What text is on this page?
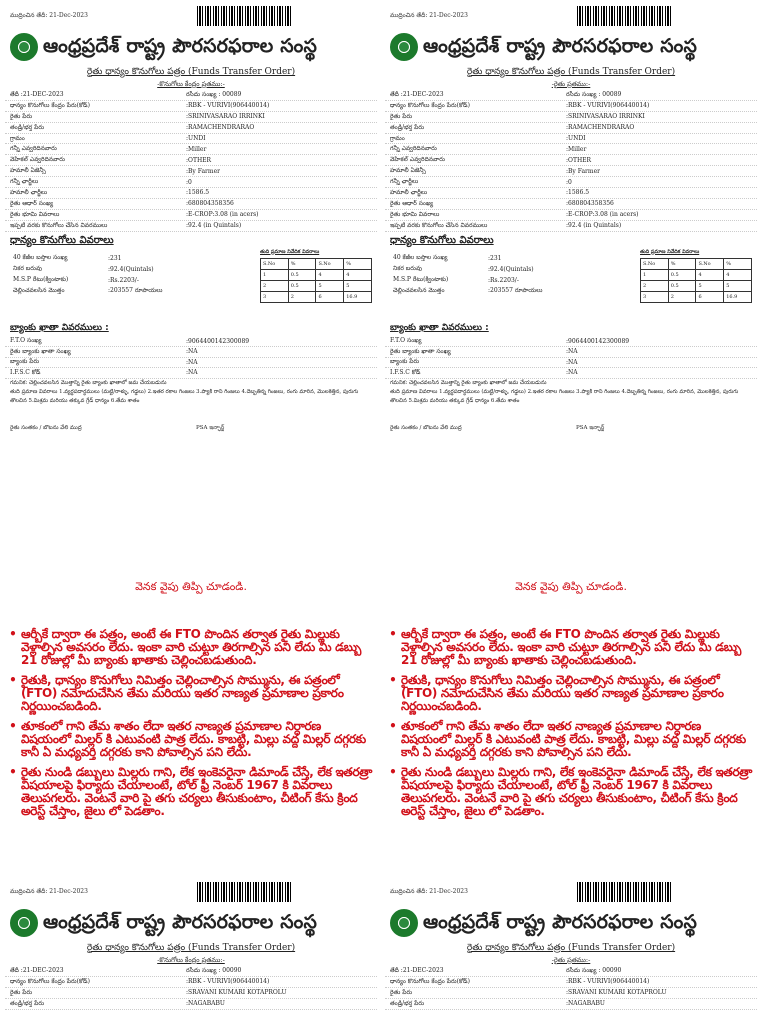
ముద్రించిన తేదీ: 21-Dec-2023
ఆంధ్రప్రదేశ్ రాష్ట్ర పౌరసరఫరాల సంస్థ
రైతు ధాన్యం కొనుగోలు పత్రం (Funds Transfer Order)
-కొనుగోలు కేంద్రం ప్రతము:-
తేదీ :21-DEC-2023	రసీదు సంఖ్య : 00089
ధాన్యం కొనుగోలు కేంద్రం పేరు(కోడ్)	:RBK - VURIVI(906440014)
రైతు పేరు	:SRINIVASARAO IRRINKI
తండ్రి/భర్త పేరు	:RAMACHENDRARAO
గ్రామం	:UNDI
గన్నీ ఎవ్వరిదినవారు	:Miller
వెహికల్ ఎవ్వరిదినవారు	:OTHER
హమాలీ ఏజెన్సీ	:By Farmer
గన్నీ ఛార్జీలు	:0
హమాలీ ఛార్జీలు	:1586.5
రైతు ఆధార్ సంఖ్య	:680804358356
రైతు భూమి వివరాలు	:E-CROP:3.08 (in acers)
ఇప్పటి వరకు కొనుగోలు చేసిన వివరములు	:92.4 (in Quintals)
ధాన్యం కొనుగోలు వివరాలు
40 కేజీల బస్తాల సంఖ్య	:231
నికర బరువు	:92.4(Quintals)
M.S.P రేటు(క్వింటాకు)	:Rs.2203/-
చెల్లించవలసిన మొత్తం	:203557 రూపాయలు
తుది ప్రమాణ నివేదిక వివరాలు
S.No	%	S.No	%
1	0.5	4	4
2	0.5	5	5
3	2	6	16.9
బ్యాంకు ఖాతా వివరములు :
F.T.O సంఖ్య	:9064400142300089
రైతు బ్యాంకు ఖాతా సంఖ్య	:NA
బ్యాంకు పేరు	:NA
I.F.S.C కోడ్	:NA
గమనిక: చెల్లించవలసిన మొత్తాన్ని రైతు బ్యాంకు ఖాతాలో జమ చేయబడును
తుది ప్రమాణ వివరాలు 1.వ్యర్థపదార్ధములు (మట్టి/రాళ్ళు, గడ్డలు) 2.ఇతర రకాల గింజలు 3.ప్యాకి రాని గింజలు 4.దెబ్బతిన్న గింజలు, రంగు మారిన, మొలకెత్తిన, పురుగు తొలచిన 5.మిశ్రమ మరియు తక్కువ గ్రేడ్ ధాన్యం 6.తేమ శాతం
రైతు సంతకం / బొటను వేలి ముద్ర	PSA ఇన్ఛార్జ్
వెనక వైపు తిప్పి చూడండి.
• ఆర్బీకే ద్వారా ఈ పత్రం, అంటే ఈ FTO పొందిన తర్వాత రైతు మిల్లుకు వెళ్లాల్సిన అవసరం లేదు. ఇంకా వారి చుట్టూ తిరగాల్సిన పని లేదు మీ డబ్బు 21 రోజుల్లో మీ బ్యాంకు ఖాతాకు చెల్లించబడుతుంది.
• రైతుకి, ధాన్యం కొనుగోలు నిమిత్తం చెల్లించాల్సిన సొమ్మును, ఈ పత్రంలో (FTO) నమోదుచేసిన తేమ మరియు ఇతర నాణ్యత ప్రమాణాల ప్రకారం నిర్ణయించబడింది.
• తూకంలో గాని తేమ శాతం లేదా ఇతర నాణ్యత ప్రమాణాల నిర్ధారణ విషయంలో మిల్లర్ కి ఎటువంటి పాత్ర లేదు. కాబట్టి, మిల్లు వద్ద మిల్లర్ దగ్గరకు కానీ ఏ మధ్యవర్తి దగ్గరకు కాని పోవాల్సిన పని లేదు.
• రైతు నుండి డబ్బులు మిల్లరు గాని, లేక ఇంకెవరైనా డిమాండ్ చేస్తే, లేక ఇతరత్రా విషయాలపై ఫిర్యాదు చేయాలంటే, టోల్ ఫ్రీ నెంబర్ 1967 కి వివరాలు తెలుపగలరు. వెంటనే వారి పై తగు చర్యలు తీసుకుంటాం, చీటింగ్ కేసు క్రింద అరెస్ట్ చేస్తాం, జైలు లో పెడతాం.
ముద్రించిన తేదీ: 21-Dec-2023
ఆంధ్రప్రదేశ్ రాష్ట్ర పౌరసరఫరాల సంస్థ
రైతు ధాన్యం కొనుగోలు పత్రం (Funds Transfer Order)
-కొనుగోలు కేంద్రం ప్రతము:-
తేదీ :21-DEC-2023	రసీదు సంఖ్య : 00090
ధాన్యం కొనుగోలు కేంద్రం పేరు(కోడ్)	:RBK - VURIVI(906440014)
రైతు పేరు	:SRAVANI KUMARI KOTAPROLU
తండ్రి/భర్త పేరు	:NAGABABU
ముద్రించిన తేదీ: 21-Dec-2023
ఆంధ్రప్రదేశ్ రాష్ట్ర పౌరసరఫరాల సంస్థ
రైతు ధాన్యం కొనుగోలు పత్రం (Funds Transfer Order)
-రైతు ప్రతము:-
తేదీ :21-DEC-2023	రసీదు సంఖ్య : 00089
ధాన్యం కొనుగోలు కేంద్రం పేరు(కోడ్)	:RBK - VURIVI(906440014)
రైతు పేరు	:SRINIVASARAO IRRINKI
తండ్రి/భర్త పేరు	:RAMACHENDRARAO
గ్రామం	:UNDI
గన్నీ ఎవ్వరిదినవారు	:Miller
వెహికల్ ఎవ్వరిదినవారు	:OTHER
హమాలీ ఏజెన్సీ	:By Farmer
గన్నీ ఛార్జీలు	:0
హమాలీ ఛార్జీలు	:1586.5
రైతు ఆధార్ సంఖ్య	:680804358356
రైతు భూమి వివరాలు	:E-CROP:3.08 (in acers)
ఇప్పటి వరకు కొనుగోలు చేసిన వివరములు	:92.4 (in Quintals)
ధాన్యం కొనుగోలు వివరాలు
40 కేజీల బస్తాల సంఖ్య	:231
నికర బరువు	:92.4(Quintals)
M.S.P రేటు(క్వింటాకు)	:Rs.2203/-
చెల్లించవలసిన మొత్తం	:203557 రూపాయలు
తుది ప్రమాణ నివేదిక వివరాలు
S.No	%	S.No	%
1	0.5	4	4
2	0.5	5	5
3	2	6	16.9
బ్యాంకు ఖాతా వివరములు :
F.T.O సంఖ్య	:9064400142300089
రైతు బ్యాంకు ఖాతా సంఖ్య	:NA
బ్యాంకు పేరు	:NA
I.F.S.C కోడ్	:NA
గమనిక: చెల్లించవలసిన మొత్తాన్ని రైతు బ్యాంకు ఖాతాలో జమ చేయబడును
తుది ప్రమాణ వివరాలు 1.వ్యర్థపదార్ధములు (మట్టి/రాళ్ళు, గడ్డలు) 2.ఇతర రకాల గింజలు 3.ప్యాకి రాని గింజలు 4.దెబ్బతిన్న గింజలు, రంగు మారిన, మొలకెత్తిన, పురుగు తొలచిన 5.మిశ్రమ మరియు తక్కువ గ్రేడ్ ధాన్యం 6.తేమ శాతం
రైతు సంతకం / బొటను వేలి ముద్ర	PSA ఇన్ఛార్జ్
వెనక వైపు తిప్పి చూడండి.
• ఆర్బీకే ద్వారా ఈ పత్రం, అంటే ఈ FTO పొందిన తర్వాత రైతు మిల్లుకు వెళ్లాల్సిన అవసరం లేదు. ఇంకా వారి చుట్టూ తిరగాల్సిన పని లేదు మీ డబ్బు 21 రోజుల్లో మీ బ్యాంకు ఖాతాకు చెల్లించబడుతుంది.
• రైతుకి, ధాన్యం కొనుగోలు నిమిత్తం చెల్లించాల్సిన సొమ్మును, ఈ పత్రంలో (FTO) నమోదుచేసిన తేమ మరియు ఇతర నాణ్యత ప్రమాణాల ప్రకారం నిర్ణయించబడింది.
• తూకంలో గాని తేమ శాతం లేదా ఇతర నాణ్యత ప్రమాణాల నిర్ధారణ విషయంలో మిల్లర్ కి ఎటువంటి పాత్ర లేదు. కాబట్టి, మిల్లు వద్ద మిల్లర్ దగ్గరకు కానీ ఏ మధ్యవర్తి దగ్గరకు కాని పోవాల్సిన పని లేదు.
• రైతు నుండి డబ్బులు మిల్లరు గాని, లేక ఇంకెవరైనా డిమాండ్ చేస్తే, లేక ఇతరత్రా విషయాలపై ఫిర్యాదు చేయాలంటే, టోల్ ఫ్రీ నెంబర్ 1967 కి వివరాలు తెలుపగలరు. వెంటనే వారి పై తగు చర్యలు తీసుకుంటాం, చీటింగ్ కేసు క్రింద అరెస్ట్ చేస్తాం, జైలు లో పెడతాం.
ముద్రించిన తేదీ: 21-Dec-2023
ఆంధ్రప్రదేశ్ రాష్ట్ర పౌరసరఫరాల సంస్థ
రైతు ధాన్యం కొనుగోలు పత్రం (Funds Transfer Order)
-రైతు ప్రతము:-
తేదీ :21-DEC-2023	రసీదు సంఖ్య : 00090
ధాన్యం కొనుగోలు కేంద్రం పేరు(కోడ్)	:RBK - VURIVI(906440014)
రైతు పేరు	:SRAVANI KUMARI KOTAPROLU
తండ్రి/భర్త పేరు	:NAGABABU
